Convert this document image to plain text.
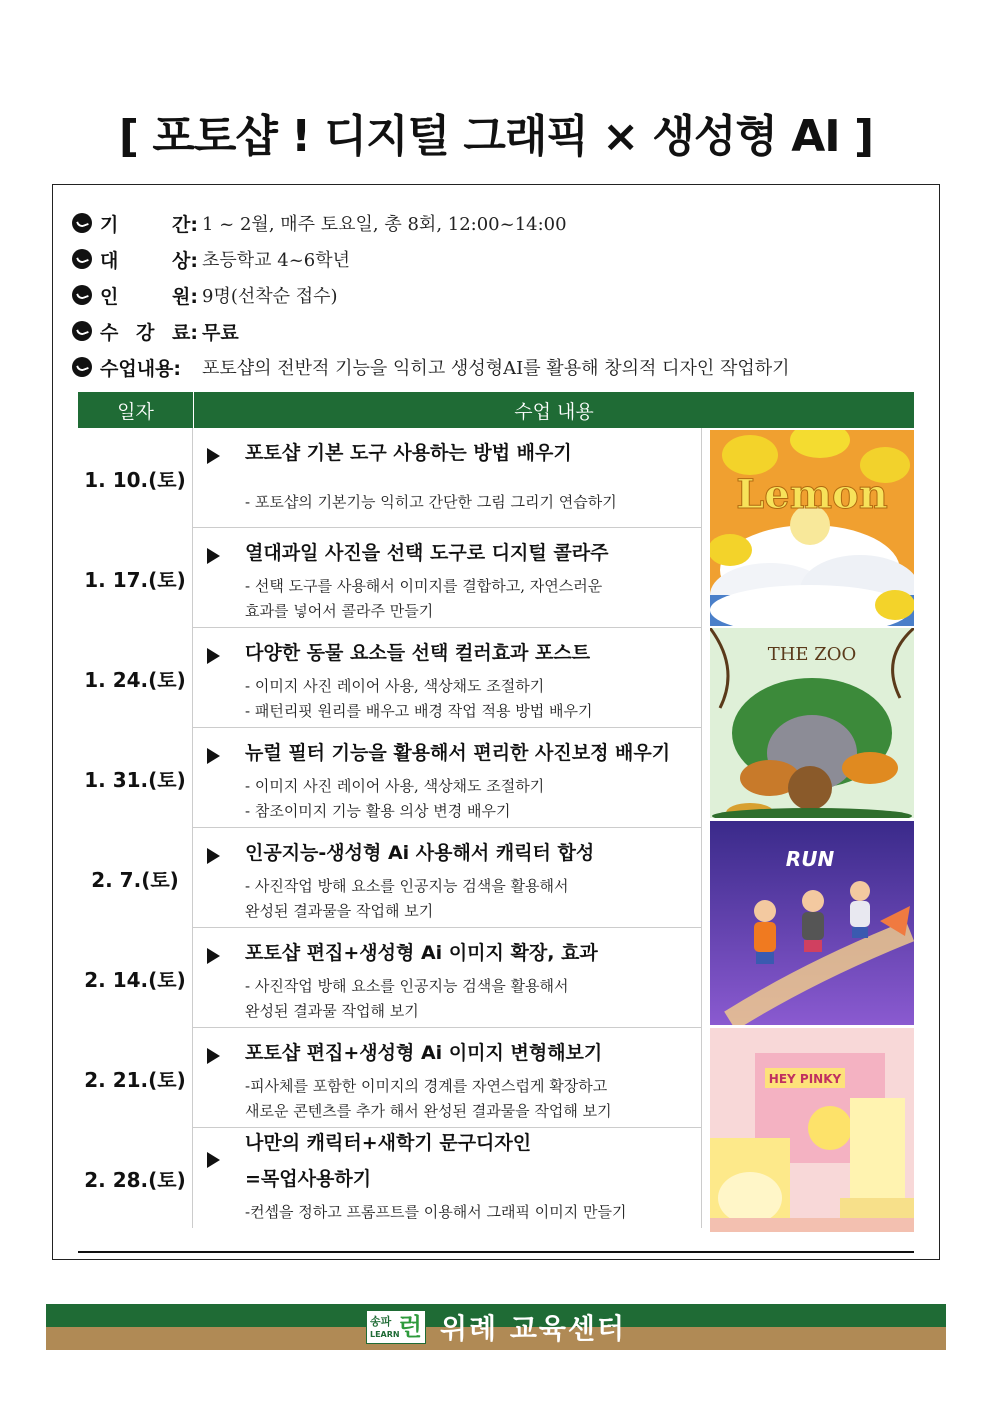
[ 포토샵 ! 디지털 그래픽 × 생성형 AI ]
기	간: 1 ~ 2월, 매주 토요일, 총 8회, 12:00~14:00
대	상: 초등학교 4~6학년
인	원: 9명(선착순 접수)
수 강 료: 무료
수업내용: 포토샵의 전반적 기능을 익히고 생성형AI를 활용해 창의적 디자인 작업하기
일자	수업 내용
1. 10.(토)
포토샵 기본 도구 사용하는 방법 배우기
- 포토샵의 기본기능 익히고 간단한 그림 그리기 연습하기
1. 17.(토)
열대과일 사진을 선택 도구로 디지털 콜라주
- 선택 도구를 사용해서 이미지를 결합하고, 자연스러운
효과를 넣어서 콜라주 만들기
1. 24.(토)
다양한 동물 요소들 선택 컬러효과 포스트
- 이미지 사진 레이어 사용, 색상채도 조절하기
- 패턴리핏 원리를 배우고 배경 작업 적용 방법 배우기
1. 31.(토)
뉴럴 필터 기능을 활용해서 편리한 사진보정 배우기
- 이미지 사진 레이어 사용, 색상채도 조절하기
- 참조이미지 기능 활용 의상 변경 배우기
2. 7.(토)
인공지능-생성형 Ai 사용해서 캐릭터 합성
- 사진작업 방해 요소를 인공지능 검색을 활용해서
완성된 결과물을 작업해 보기
2. 14.(토)
포토샵 편집+생성형 Ai 이미지 확장, 효과
- 사진작업 방해 요소를 인공지능 검색을 활용해서
완성된 결과물 작업해 보기
2. 21.(토)
포토샵 편집+생성형 Ai 이미지 변형해보기
-피사체를 포함한 이미지의 경계를 자연스럽게 확장하고
새로운 콘텐츠를 추가 해서 완성된 결과물을 작업해 보기
2. 28.(토)
나만의 캐릭터+새학기 문구디자인
=목업사용하기
-컨셉을 정하고 프롬프트를 이용해서 그래픽 이미지 만들기
Lemon
THE ZOO
RUN
HEY PINKY
송파
LEARN 런 위례 교육센터
